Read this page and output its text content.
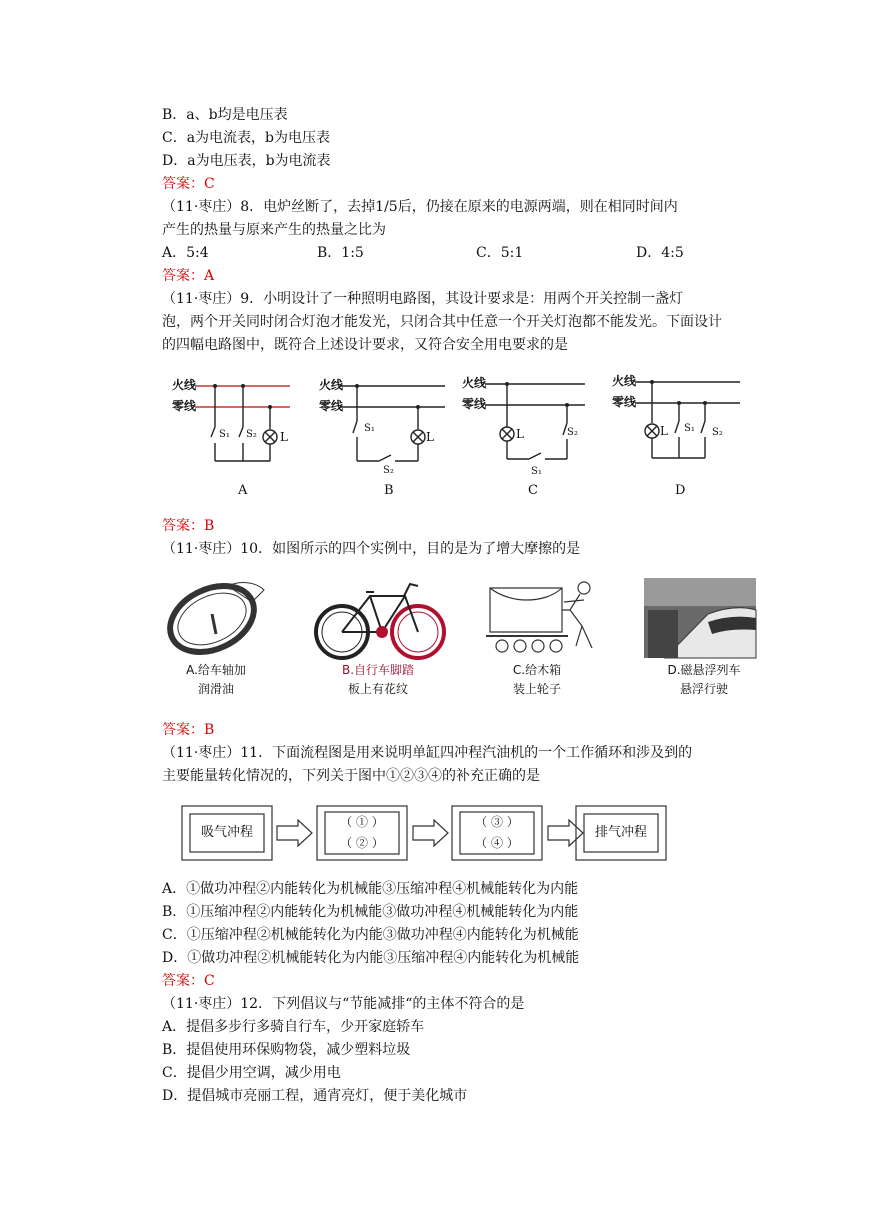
B．a、b均是电压表
C．a为电流表，b为电压表
D．a为电压表，b为电流表
答案：C
（11·枣庄）8．电炉丝断了，去掉1/5后，仍接在原来的电源两端，则在相同时间内
产生的热量与原来产生的热量之比为
A．5:4	B．1:5	C．5:1	D．4:5
答案：A
（11·枣庄）9．小明设计了一种照明电路图，其设计要求是：用两个开关控制一盏灯
泡，两个开关同时闭合灯泡才能发光，只闭合其中任意一个开关灯泡都不能发光。下面设计
的四幅电路图中，既符合上述设计要求，又符合安全用电要求的是
火线
零线
火线
零线
火线
零线
火线
零线
S₁ S₂ L
S₁
L
S₂
L	S₂
S₁
L S₁ S₂
A	B	C	D
答案：B
（11·枣庄）10．如图所示的四个实例中，目的是为了增大摩擦的是
A.给车轴加
润滑油
B.自行车脚踏
板上有花纹
C.给木箱
装上轮子
D.磁悬浮列车
悬浮行驶
答案：B
（11·枣庄）11．下面流程图是用来说明单缸四冲程汽油机的一个工作循环和涉及到的
主要能量转化情况的，下列关于图中①②③④的补充正确的是
吸气冲程
（ ① ）
（ ② ）
（ ③ ）
（ ④ ）
排气冲程
A．①做功冲程②内能转化为机械能③压缩冲程④机械能转化为内能
B．①压缩冲程②内能转化为机械能③做功冲程④机械能转化为内能
C．①压缩冲程②机械能转化为内能③做功冲程④内能转化为机械能
D．①做功冲程②机械能转化为内能③压缩冲程④内能转化为机械能
答案：C
（11·枣庄）12．下列倡议与“节能减排“的主体不符合的是
A．提倡多步行多骑自行车，少开家庭轿车
B．提倡使用环保购物袋，减少塑料垃圾
C．提倡少用空调，减少用电
D．提倡城市亮丽工程，通宵亮灯，便于美化城市
